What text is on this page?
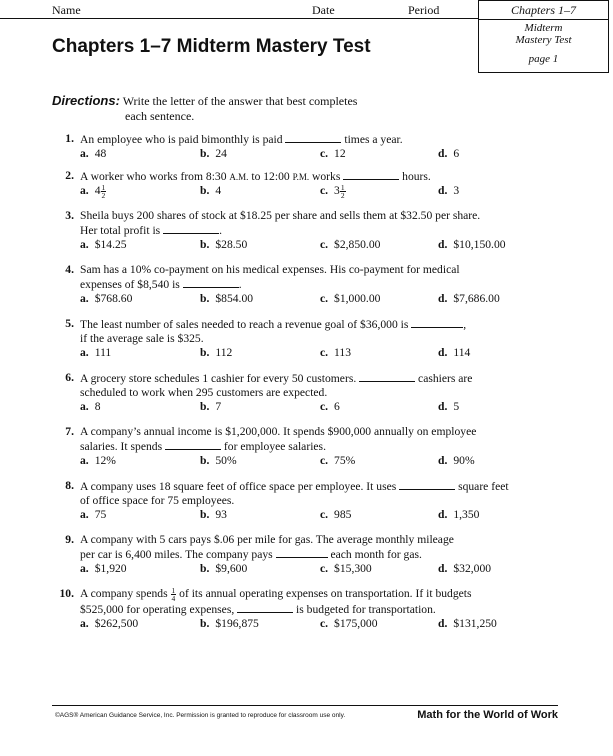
Name	Date	Period	Chapters 1–7
Midterm
Mastery Test
page 1
Chapters 1–7 Midterm Mastery Test
Directions: Write the letter of the answer that best completes
each sentence.
1. An employee who is paid bimonthly is paid	times a year.
a. 48	b. 24	c. 12	d. 6
2. A worker who works from 8:30 A.M. to 12:00 P.M. works	hours.
a. $4 \frac{1}{2}$	b. 4	c. $3 \frac{1}{2}$	d. 3
3. Sheila buys 200 shares of stock at $18.25 per share and sells them at $32.50 per share.
Her total profit is	.
a. $14.25	b. $28.50	c. $2,850.00	d. $10,150.00
4. Sam has a 10% co-payment on his medical expenses. His co-payment for medical
expenses of $8,540 is	.
a. $768.60	b. $854.00	c. $1,000.00	d. $7,686.00
5. The least number of sales needed to reach a revenue goal of $36,000 is	,
if the average sale is $325.
a. 111	b. 112	c. 113	d. 114
6. A grocery store schedules 1 cashier for every 50 customers.	cashiers are
scheduled to work when 295 customers are expected.
a. 8	b. 7	c. 6	d. 5
7. A company’s annual income is $1,200,000. It spends $900,000 annually on employee
salaries. It spends	for employee salaries.
a. 12%	b. 50%	c. 75%	d. 90%
8. A company uses 18 square feet of office space per employee. It uses	square feet
of office space for 75 employees.
a. 75	b. 93	c. 985	d. 1,350
9. A company with 5 cars pays $.06 per mile for gas. The average monthly mileage
per car is 6,400 miles. The company pays	each month for gas.
a. $1,920	b. $9,600	c. $15,300	d. $32,000
10. A company spends $\frac{1}{4}$ of its annual operating expenses on transportation. If it budgets
$525,000 for operating expenses,	is budgeted for transportation.
a. $262,500	b. $196,875	c. $175,000	d. $131,250
©AGS® American Guidance Service, Inc. Permission is granted to reproduce for classroom use only.	Math for the World of Work
